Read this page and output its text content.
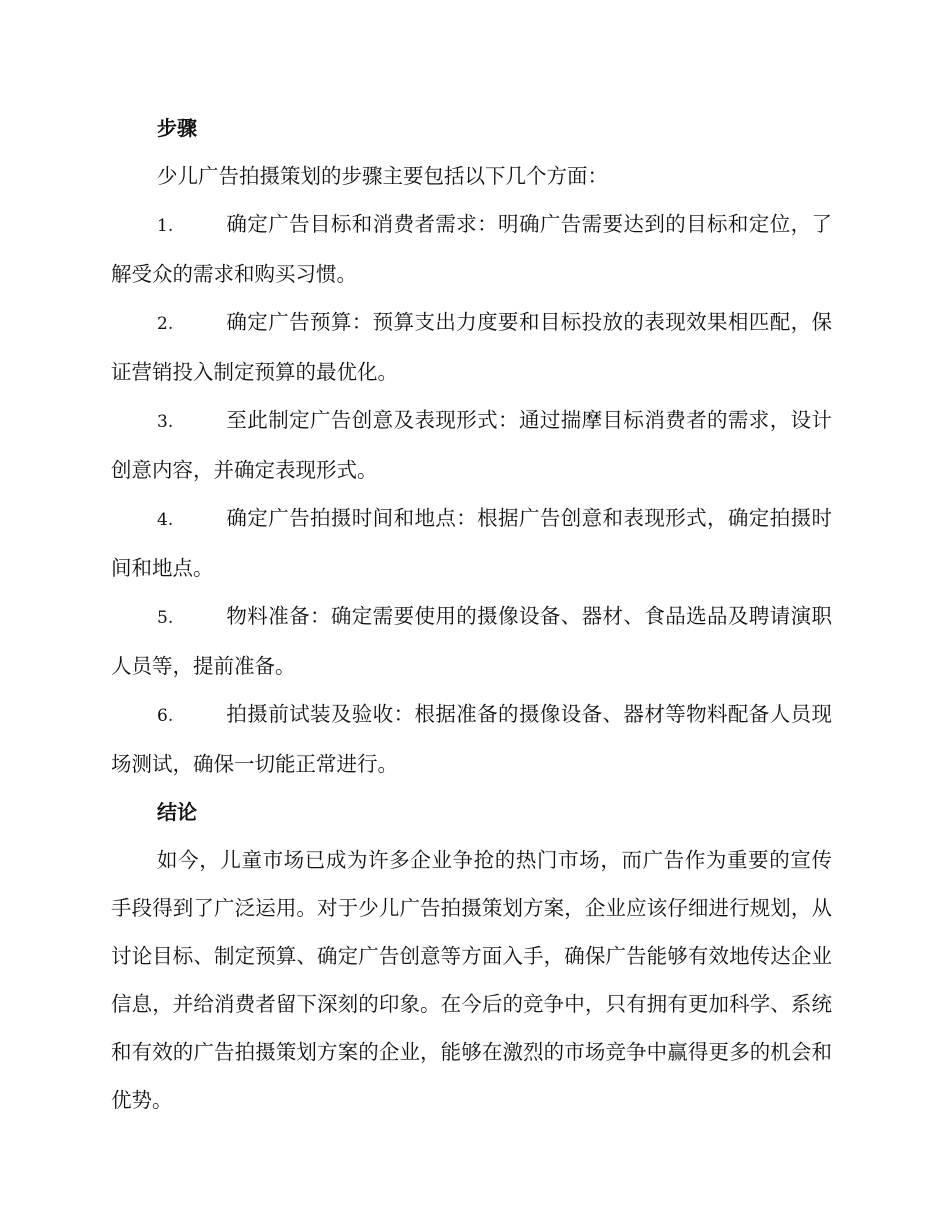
步骤

少儿广告拍摄策划的步骤主要包括以下几个方面：

1.	确定广告目标和消费者需求：明确广告需要达到的目标和定位，了解受众的需求和购买习惯。

2.	确定广告预算：预算支出力度要和目标投放的表现效果相匹配，保证营销投入制定预算的最优化。

3.	至此制定广告创意及表现形式：通过揣摩目标消费者的需求，设计创意内容，并确定表现形式。

4.	确定广告拍摄时间和地点：根据广告创意和表现形式，确定拍摄时间和地点。

5.	物料准备：确定需要使用的摄像设备、器材、食品选品及聘请演职人员等，提前准备。

6.	拍摄前试装及验收：根据准备的摄像设备、器材等物料配备人员现场测试，确保一切能正常进行。

结论

如今，儿童市场已成为许多企业争抢的热门市场，而广告作为重要的宣传手段得到了广泛运用。对于少儿广告拍摄策划方案，企业应该仔细进行规划，从讨论目标、制定预算、确定广告创意等方面入手，确保广告能够有效地传达企业信息，并给消费者留下深刻的印象。在今后的竞争中，只有拥有更加科学、系统和有效的广告拍摄策划方案的企业，能够在激烈的市场竞争中赢得更多的机会和优势。
